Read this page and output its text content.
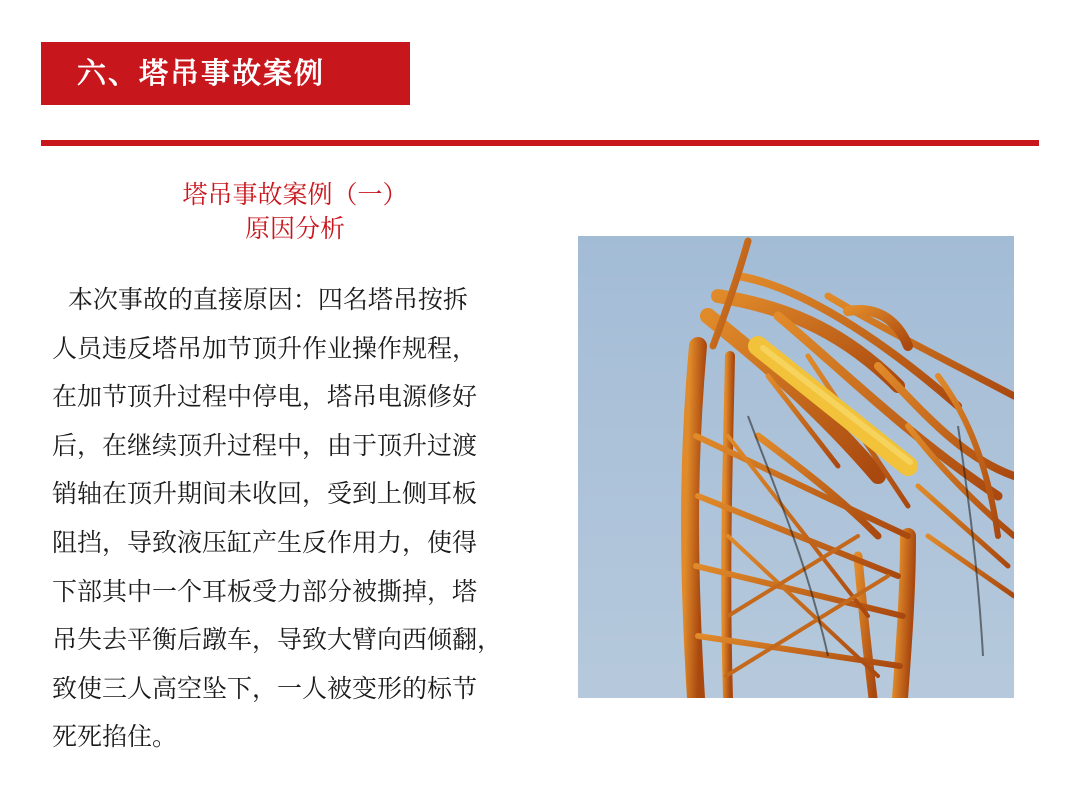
六、塔吊事故案例
塔吊事故案例（一）
原因分析
本次事故的直接原因：四名塔吊按拆
人员违反塔吊加节顶升作业操作规程，
在加节顶升过程中停电，塔吊电源修好
后，在继续顶升过程中，由于顶升过渡
销轴在顶升期间未收回，受到上侧耳板
阻挡，导致液压缸产生反作用力，使得
下部其中一个耳板受力部分被撕掉，塔
吊失去平衡后蹾车，导致大臂向西倾翻，
致使三人高空坠下，一人被变形的标节
死死掐住。
